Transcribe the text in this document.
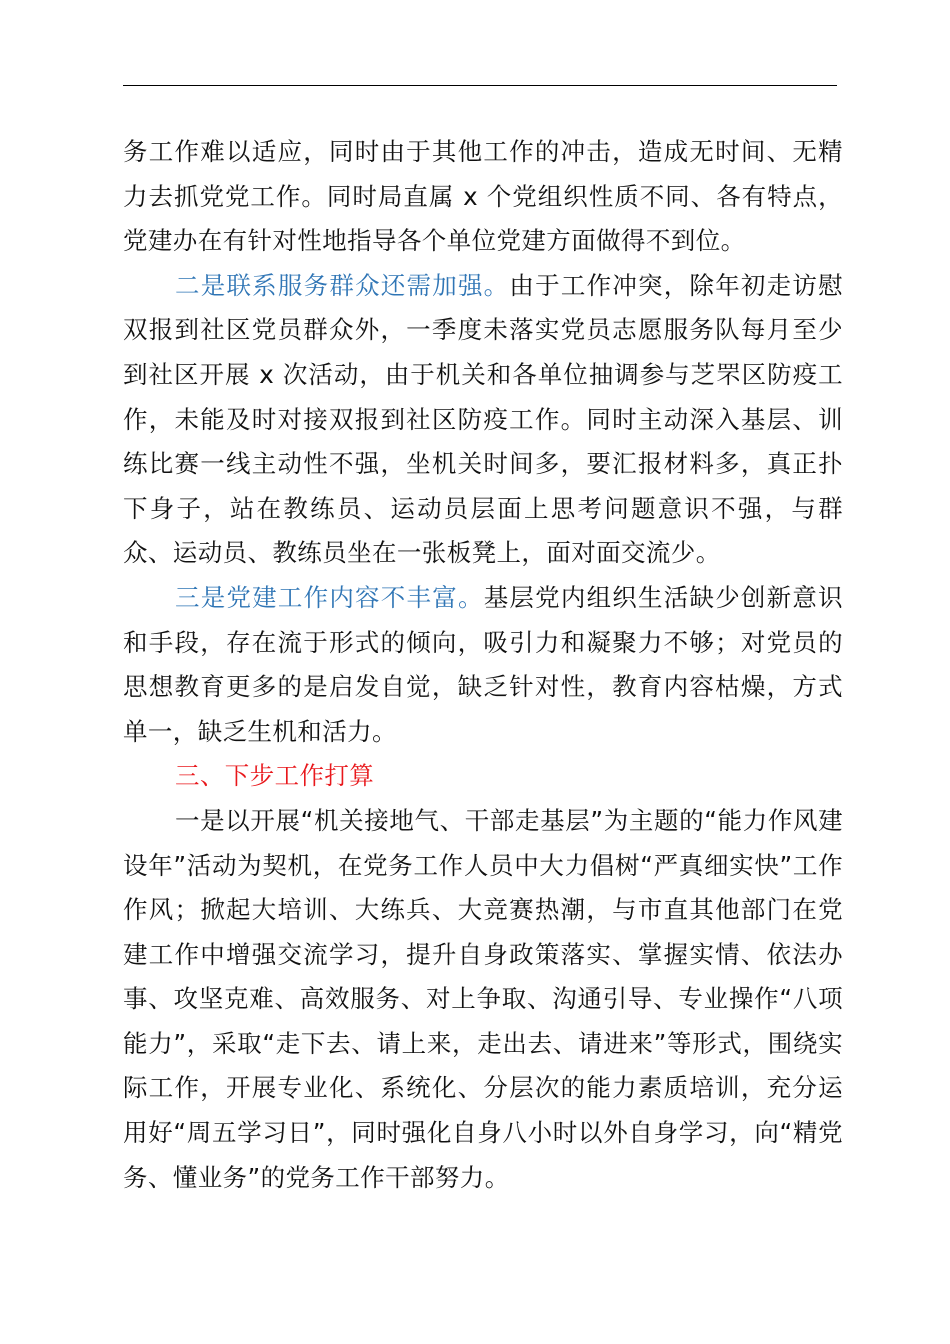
务工作难以适应，同时由于其他工作的冲击，造成无时间、无精力去抓党党工作。同时局直属 x 个党组织性质不同、各有特点，党建办在有针对性地指导各个单位党建方面做得不到位。

二是联系服务群众还需加强。由于工作冲突，除年初走访慰双报到社区党员群众外，一季度未落实党员志愿服务队每月至少到社区开展 x 次活动，由于机关和各单位抽调参与芝罘区防疫工作，未能及时对接双报到社区防疫工作。同时主动深入基层、训练比赛一线主动性不强，坐机关时间多，要汇报材料多，真正扑下身子，站在教练员、运动员层面上思考问题意识不强，与群众、运动员、教练员坐在一张板凳上，面对面交流少。

三是党建工作内容不丰富。基层党内组织生活缺少创新意识和手段，存在流于形式的倾向，吸引力和凝聚力不够；对党员的思想教育更多的是启发自觉，缺乏针对性，教育内容枯燥，方式单一，缺乏生机和活力。

三、下步工作打算

一是以开展“机关接地气、干部走基层”为主题的“能力作风建设年”活动为契机，在党务工作人员中大力倡树“严真细实快”工作作风；掀起大培训、大练兵、大竞赛热潮，与市直其他部门在党建工作中增强交流学习，提升自身政策落实、掌握实情、依法办事、攻坚克难、高效服务、对上争取、沟通引导、专业操作“八项能力”，采取“走下去、请上来，走出去、请进来”等形式，围绕实际工作，开展专业化、系统化、分层次的能力素质培训，充分运用好“周五学习日”，同时强化自身八小时以外自身学习，向“精党务、懂业务”的党务工作干部努力。
